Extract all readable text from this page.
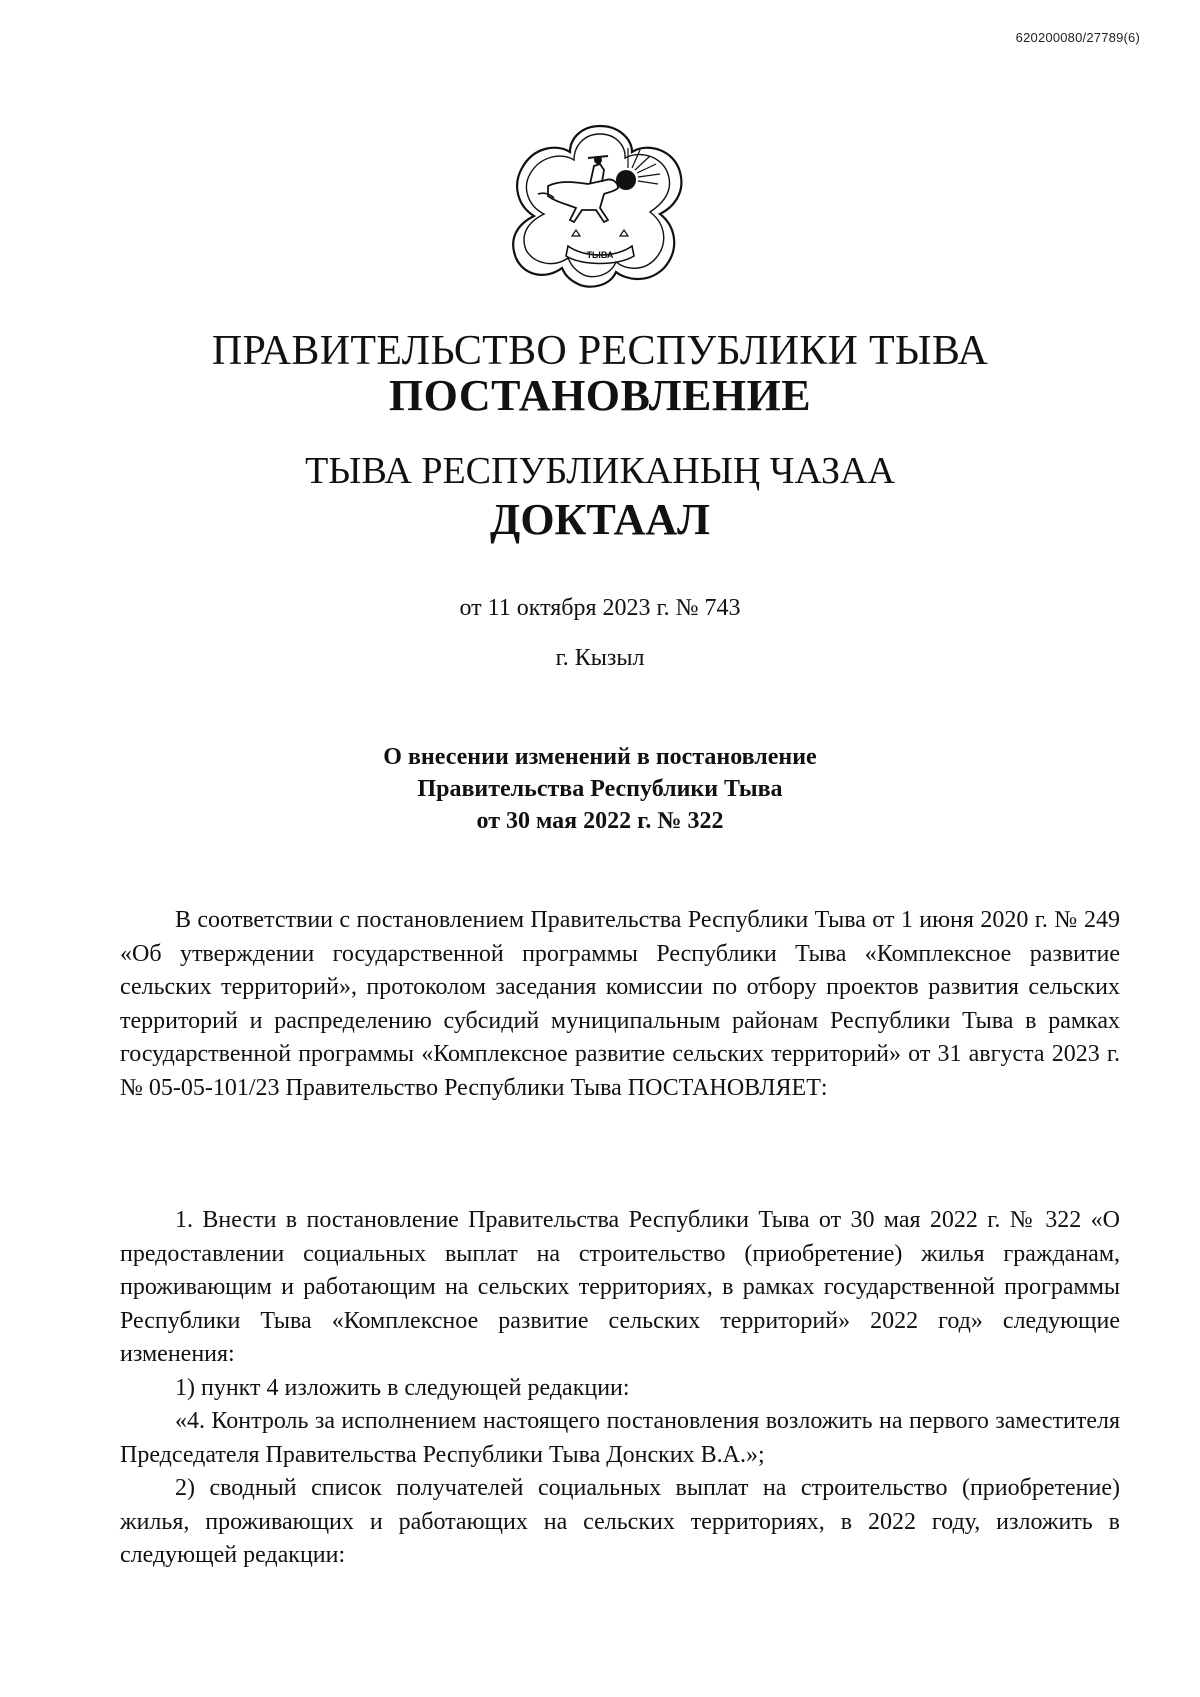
620200080/27789(6)
ТЫВА
ПРАВИТЕЛЬСТВО РЕСПУБЛИКИ ТЫВА
ПОСТАНОВЛЕНИЕ
ТЫВА РЕСПУБЛИКАНЫҢ ЧАЗАА
ДОКТААЛ
от 11 октября 2023 г. № 743
г. Кызыл
О внесении изменений в постановление
Правительства Республики Тыва
от 30 мая 2022 г. № 322

В соответствии с постановлением Правительства Республики Тыва от 1 июня 2020 г. № 249 «Об утверждении государственной программы Республики Тыва «Комплексное развитие сельских территорий», протоколом заседания комиссии по отбору проектов развития сельских территорий и распределению субсидий муниципальным районам Республики Тыва в рамках государственной программы «Комплексное развитие сельских территорий» от 31 августа 2023 г. № 05-05-101/23 Правительство Республики Тыва ПОСТАНОВЛЯЕТ:

1. Внести в постановление Правительства Республики Тыва от 30 мая 2022 г. № 322 «О предоставлении социальных выплат на строительство (приобретение) жилья гражданам, проживающим и работающим на сельских территориях, в рамках государственной программы Республики Тыва «Комплексное развитие сельских территорий» 2022 год» следующие изменения:

1) пункт 4 изложить в следующей редакции:

«4. Контроль за исполнением настоящего постановления возложить на первого заместителя Председателя Правительства Республики Тыва Донских В.А.»;

2) сводный список получателей социальных выплат на строительство (приобретение) жилья, проживающих и работающих на сельских территориях, в 2022 году, изложить в следующей редакции:
